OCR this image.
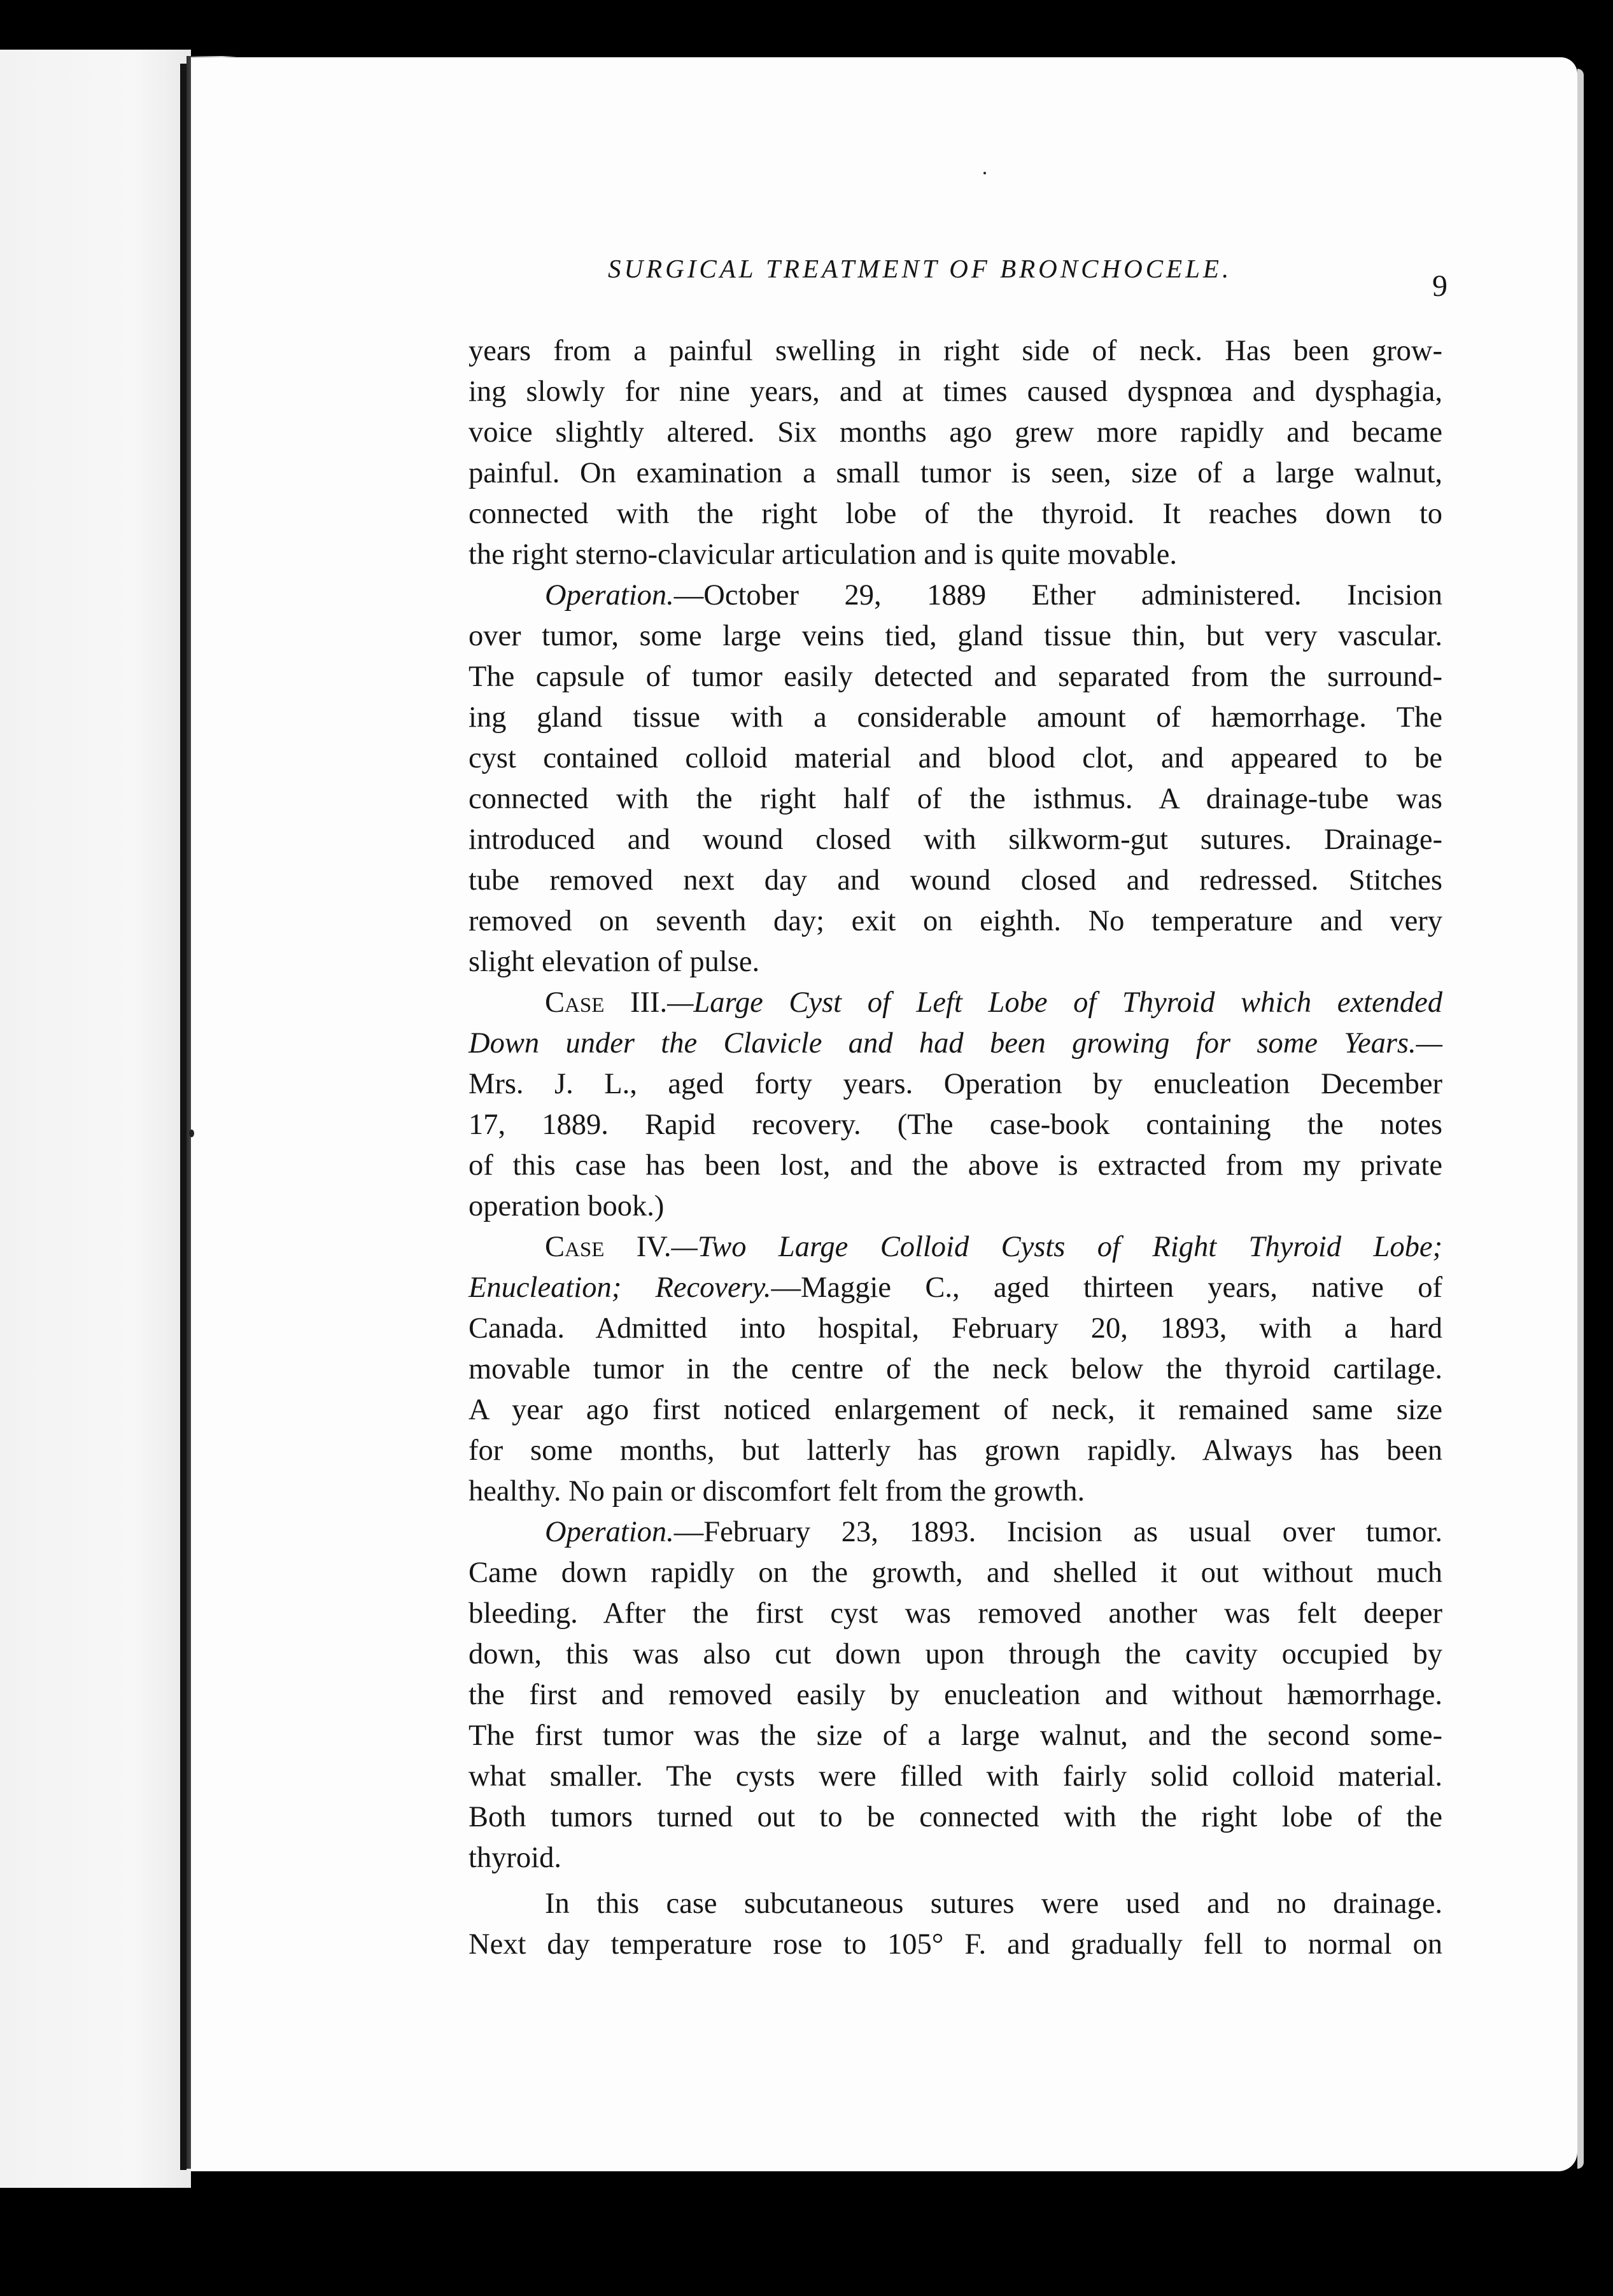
SURGICAL TREATMENT OF BRONCHOCELE.
9
years from a painful swelling in right side of neck. Has been grow-
ing slowly for nine years, and at times caused dyspnœa and dysphagia,
voice slightly altered. Six months ago grew more rapidly and became
painful. On examination a small tumor is seen, size of a large walnut,
connected with the right lobe of the thyroid. It reaches down to
the right sterno-clavicular articulation and is quite movable.
Operation.—October 29, 1889 Ether administered. Incision
over tumor, some large veins tied, gland tissue thin, but very vascular.
The capsule of tumor easily detected and separated from the surround-
ing gland tissue with a considerable amount of hæmorrhage. The
cyst contained colloid material and blood clot, and appeared to be
connected with the right half of the isthmus. A drainage-tube was
introduced and wound closed with silkworm-gut sutures. Drainage-
tube removed next day and wound closed and redressed. Stitches
removed on seventh day; exit on eighth. No temperature and very
slight elevation of pulse.
Case III.—Large Cyst of Left Lobe of Thyroid which extended
Down under the Clavicle and had been growing for some Years.—
Mrs. J. L., aged forty years. Operation by enucleation December
17, 1889. Rapid recovery. (The case-book containing the notes
of this case has been lost, and the above is extracted from my private
operation book.)
Case IV.—Two Large Colloid Cysts of Right Thyroid Lobe;
Enucleation; Recovery.—Maggie C., aged thirteen years, native of
Canada. Admitted into hospital, February 20, 1893, with a hard
movable tumor in the centre of the neck below the thyroid cartilage.
A year ago first noticed enlargement of neck, it remained same size
for some months, but latterly has grown rapidly. Always has been
healthy. No pain or discomfort felt from the growth.
Operation.—February 23, 1893. Incision as usual over tumor.
Came down rapidly on the growth, and shelled it out without much
bleeding. After the first cyst was removed another was felt deeper
down, this was also cut down upon through the cavity occupied by
the first and removed easily by enucleation and without hæmorrhage.
The first tumor was the size of a large walnut, and the second some-
what smaller. The cysts were filled with fairly solid colloid material.
Both tumors turned out to be connected with the right lobe of the
thyroid.
In this case subcutaneous sutures were used and no drainage.
Next day temperature rose to 105° F. and gradually fell to normal on
